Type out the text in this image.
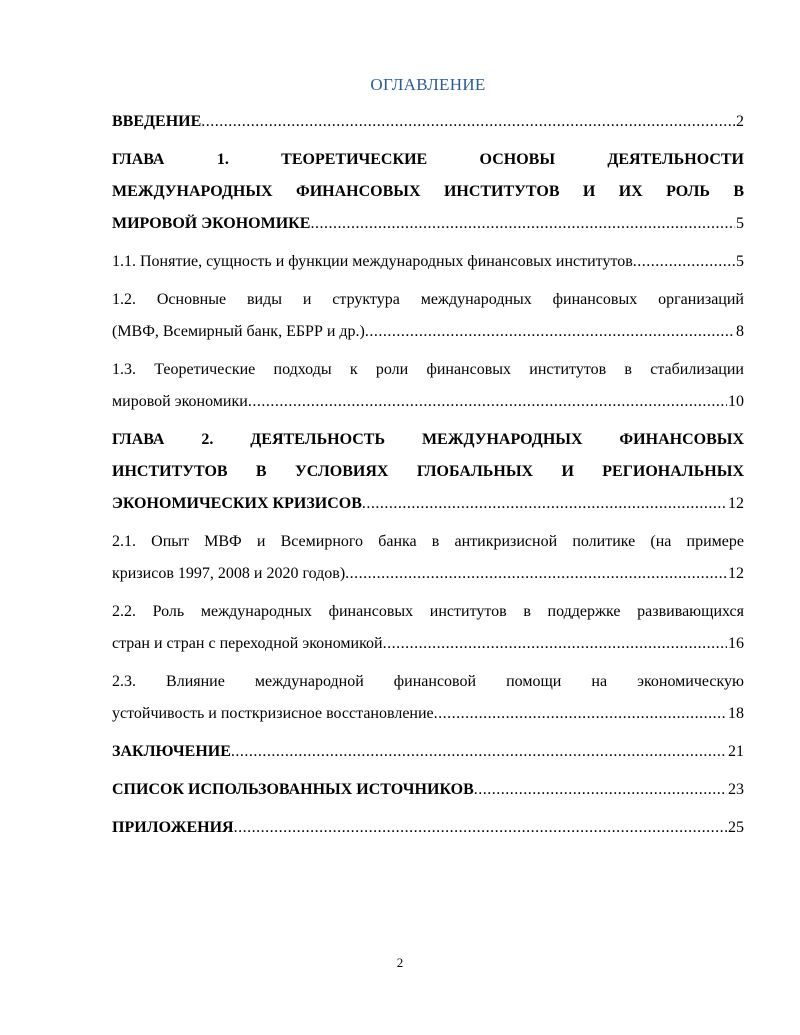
ОГЛАВЛЕНИЕ
ВВЕДЕНИЕ .....	2
ГЛАВА 1. ТЕОРЕТИЧЕСКИЕ ОСНОВЫ ДЕЯТЕЛЬНОСТИ
МЕЖДУНАРОДНЫХ ФИНАНСОВЫХ ИНСТИТУТОВ И ИХ РОЛЬ В
МИРОВОЙ ЭКОНОМИКЕ .....	5
1.1. Понятие, сущность и функции международных финансовых институтов .....	5
1.2. Основные виды и структура международных финансовых организаций
(МВФ, Всемирный банк, ЕБРР и др.) .....	8
1.3. Теоретические подходы к роли финансовых институтов в стабилизации
мировой экономики .....	10
ГЛАВА 2. ДЕЯТЕЛЬНОСТЬ МЕЖДУНАРОДНЫХ ФИНАНСОВЫХ
ИНСТИТУТОВ В УСЛОВИЯХ ГЛОБАЛЬНЫХ И РЕГИОНАЛЬНЫХ
ЭКОНОМИЧЕСКИХ КРИЗИСОВ .....	12
2.1. Опыт МВФ и Всемирного банка в антикризисной политике (на примере
кризисов 1997, 2008 и 2020 годов) .....	12
2.2. Роль международных финансовых институтов в поддержке развивающихся
стран и стран с переходной экономикой .....	16
2.3. Влияние международной финансовой помощи на экономическую
устойчивость и посткризисное восстановление .....	18
ЗАКЛЮЧЕНИЕ .....	21
СПИСОК ИСПОЛЬЗОВАННЫХ ИСТОЧНИКОВ .....	23
ПРИЛОЖЕНИЯ .....	25
2
